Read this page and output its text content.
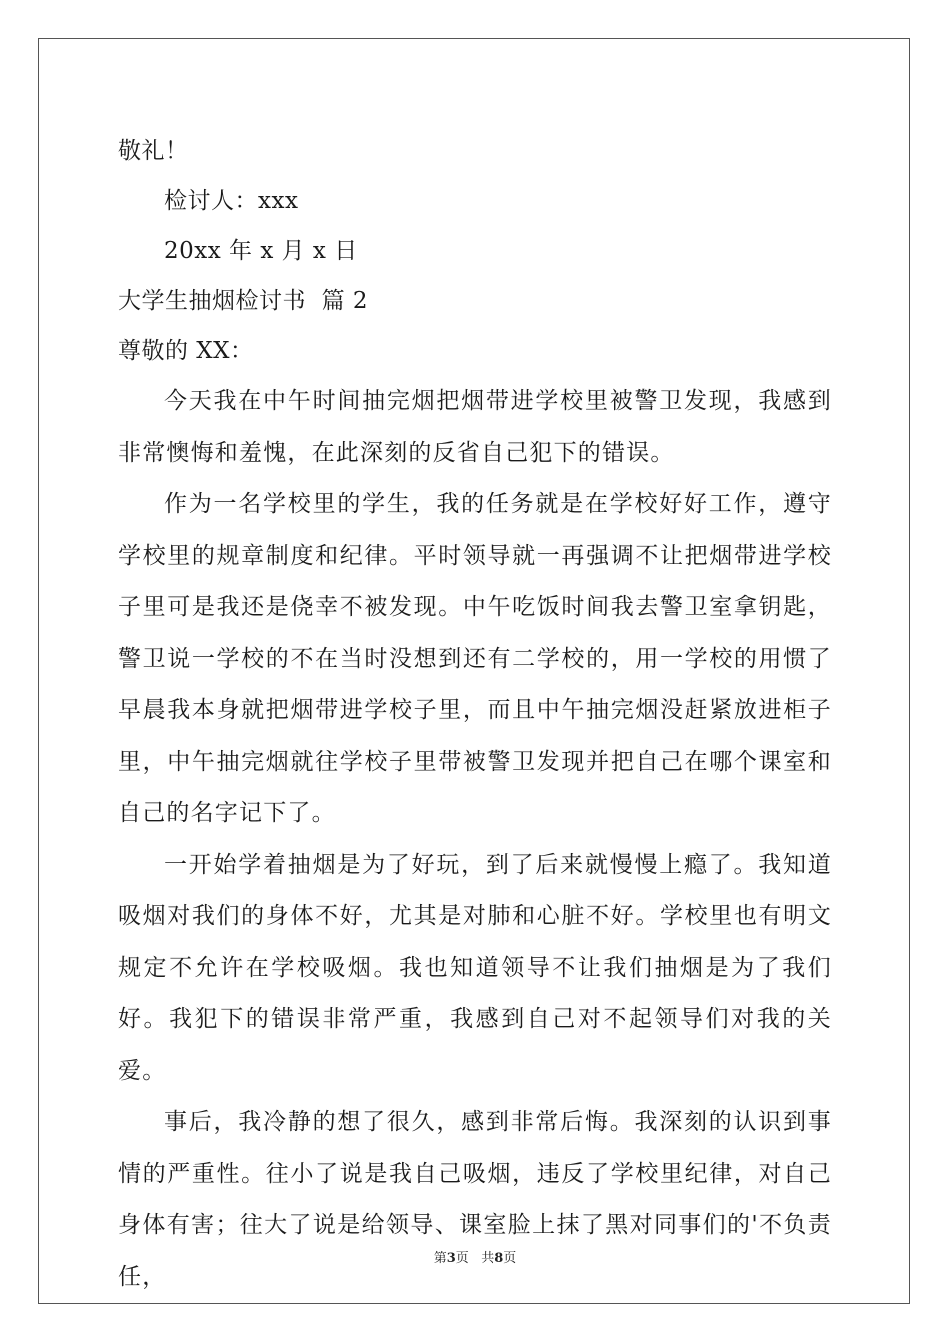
敬礼！
检讨人：xxx
20xx 年 x 月 x 日
大学生抽烟检讨书  篇 2
尊敬的 XX：

今天我在中午时间抽完烟把烟带进学校里被警卫发现，我感到非常懊悔和羞愧，在此深刻的反省自己犯下的错误。

作为一名学校里的学生，我的任务就是在学校好好工作，遵守学校里的规章制度和纪律。平时领导就一再强调不让把烟带进学校子里可是我还是侥幸不被发现。中午吃饭时间我去警卫室拿钥匙，警卫说一学校的不在当时没想到还有二学校的，用一学校的用惯了早晨我本身就把烟带进学校子里，而且中午抽完烟没赶紧放进柜子里，中午抽完烟就往学校子里带被警卫发现并把自己在哪个课室和自己的名字记下了。

一开始学着抽烟是为了好玩，到了后来就慢慢上瘾了。我知道吸烟对我们的身体不好，尤其是对肺和心脏不好。学校里也有明文规定不允许在学校吸烟。我也知道领导不让我们抽烟是为了我们好。我犯下的错误非常严重，我感到自己对不起领导们对我的关爱。

事后，我冷静的想了很久，感到非常后悔。我深刻的认识到事情的严重性。往小了说是我自己吸烟，违反了学校里纪律，对自己身体有害；往大了说是给领导、课室脸上抹了黑对同事们的'不负责任，

第3页 共8页
